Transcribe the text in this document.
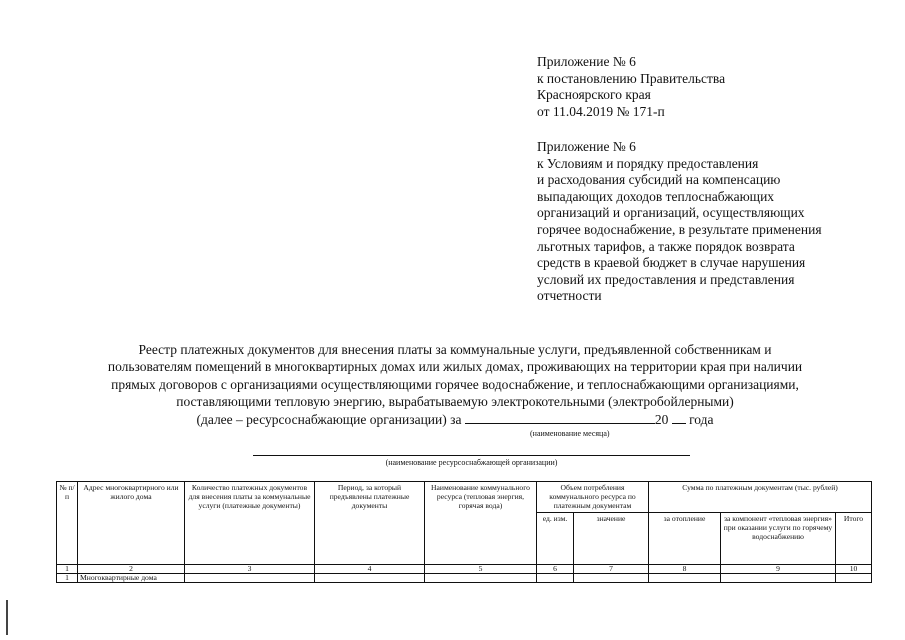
Приложение № 6
к постановлению Правительства
Красноярского края
от 11.04.2019 № 171-п
Приложение № 6
к Условиям и порядку предоставления
и расходования субсидий на компенсацию
выпадающих доходов теплоснабжающих
организаций и организаций, осуществляющих
горячее водоснабжение, в результате применения
льготных тарифов, а также порядок возврата
средств в краевой бюджет в случае нарушения
условий их предоставления и представления
отчетности
Реестр платежных документов для внесения платы за коммунальные услуги, предъявленной собственникам и
пользователям помещений в многоквартирных домах или жилых домах, проживающих на территории края при наличии
прямых договоров с организациями осуществляющими горячее водоснабжение, и теплоснабжающими организациями,
поставляющими тепловую энергию, вырабатываемую электрокотельными (электробойлерными)
(далее – ресурсоснабжающие организации) за	20 года
(наименование месяца)
(наименование ресурсоснабжающей организации)
№ п/п	Адрес многоквартирного или жилого дома	Количество платежных документов для внесения платы за коммунальные услуги (платежные документы)	Период, за который предъявлены платежные документы	Наименование коммунального ресурса (тепловая энергия, горячая вода)	Объем потребления коммунального ресурса по платежным документам		Сумма по платежным документам (тыс. рублей)		
					ед. изм.	значение	за отопление	за компонент «тепловая энергия» при оказании услуги по горячему водоснабжению	Итого
1	2	3	4	5	6	7	8	9	10
1	Многоквартирные дома								
